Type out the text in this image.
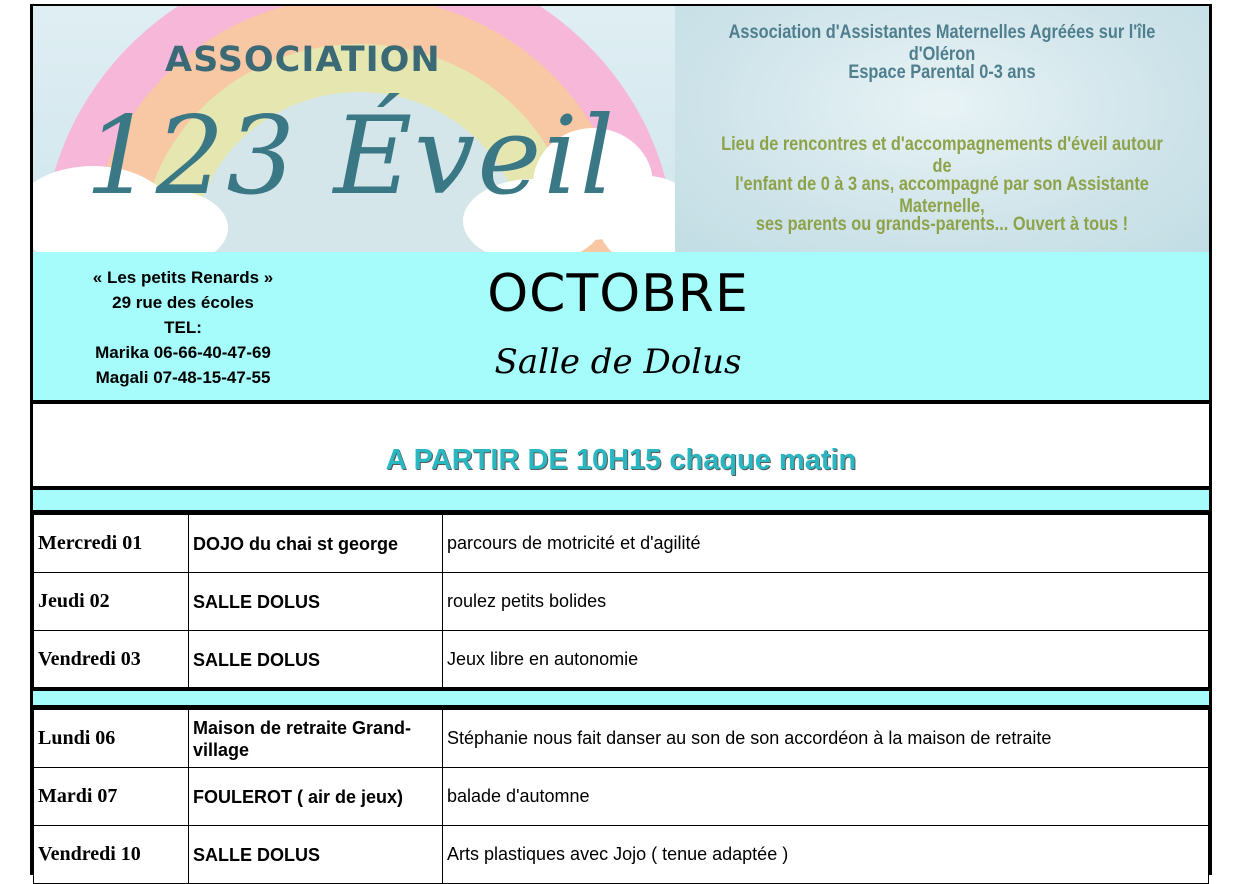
ASSOCIATION
123 Éveil
Association d'Assistantes Maternelles Agréées sur l'île d'Oléron
Espace Parental 0-3 ans
Lieu de rencontres et d'accompagnements d'éveil autour de
l'enfant de 0 à 3 ans, accompagné par son Assistante Maternelle,
ses parents ou grands-parents... Ouvert à tous !
« Les petits Renards »
29 rue des écoles
TEL:
Marika 06-66-40-47-69
Magali 07-48-15-47-55
OCTOBRE
Salle de Dolus
A PARTIR DE 10H15 chaque matin
Mercredi 01	DOJO du chai st george	parcours de motricité et d'agilité
Jeudi 02	SALLE DOLUS	roulez petits bolides
Vendredi 03	SALLE DOLUS	Jeux libre en autonomie
Lundi 06	Maison de retraite Grand-village	Stéphanie nous fait danser au son de son accordéon à la maison de retraite
Mardi 07	FOULEROT ( air de jeux)	balade d'automne
Vendredi 10	SALLE DOLUS	Arts plastiques avec Jojo ( tenue adaptée )
